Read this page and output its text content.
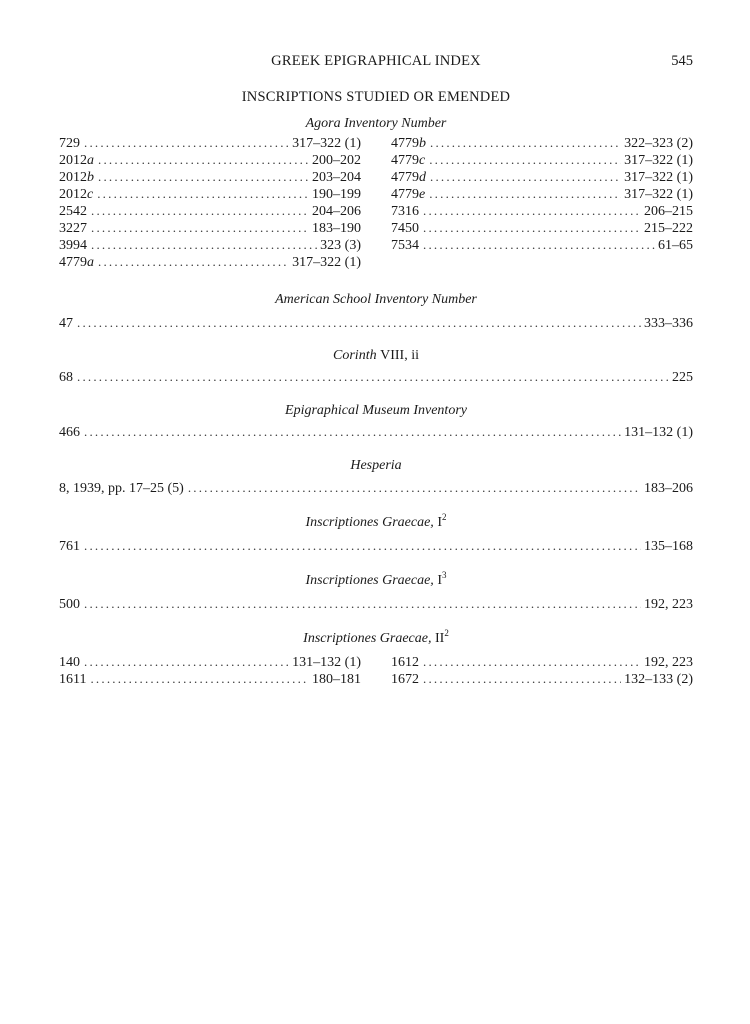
GREEK EPIGRAPHICAL INDEX	545
INSCRIPTIONS STUDIED OR EMENDED
Agora Inventory Number
729 .....	317–322 (1)
2012a .....	200–202
2012b .....	203–204
2012c .....	190–199
2542 .....	204–206
3227 .....	183–190
3994 .....	323 (3)
4779a .....	317–322 (1)
4779b .....	322–323 (2)
4779c .....	317–322 (1)
4779d .....	317–322 (1)
4779e .....	317–322 (1)
7316 .....	206–215
7450 .....	215–222
7534 .....	61–65
American School Inventory Number
47 .....	333–336
Corinth VIII, ii
68 .....	225
Epigraphical Museum Inventory
466 .....	131–132 (1)
Hesperia
8, 1939, pp. 17–25 (5) .....	183–206
Inscriptiones Graecae, $I^2$
761 .....	135–168
Inscriptiones Graecae, $I^3$
500 .....	192, 223
Inscriptiones Graecae, $II^2$
140 .....	131–132 (1)
1611 .....	180–181
1612 .....	192, 223
1672 .....	132–133 (2)
